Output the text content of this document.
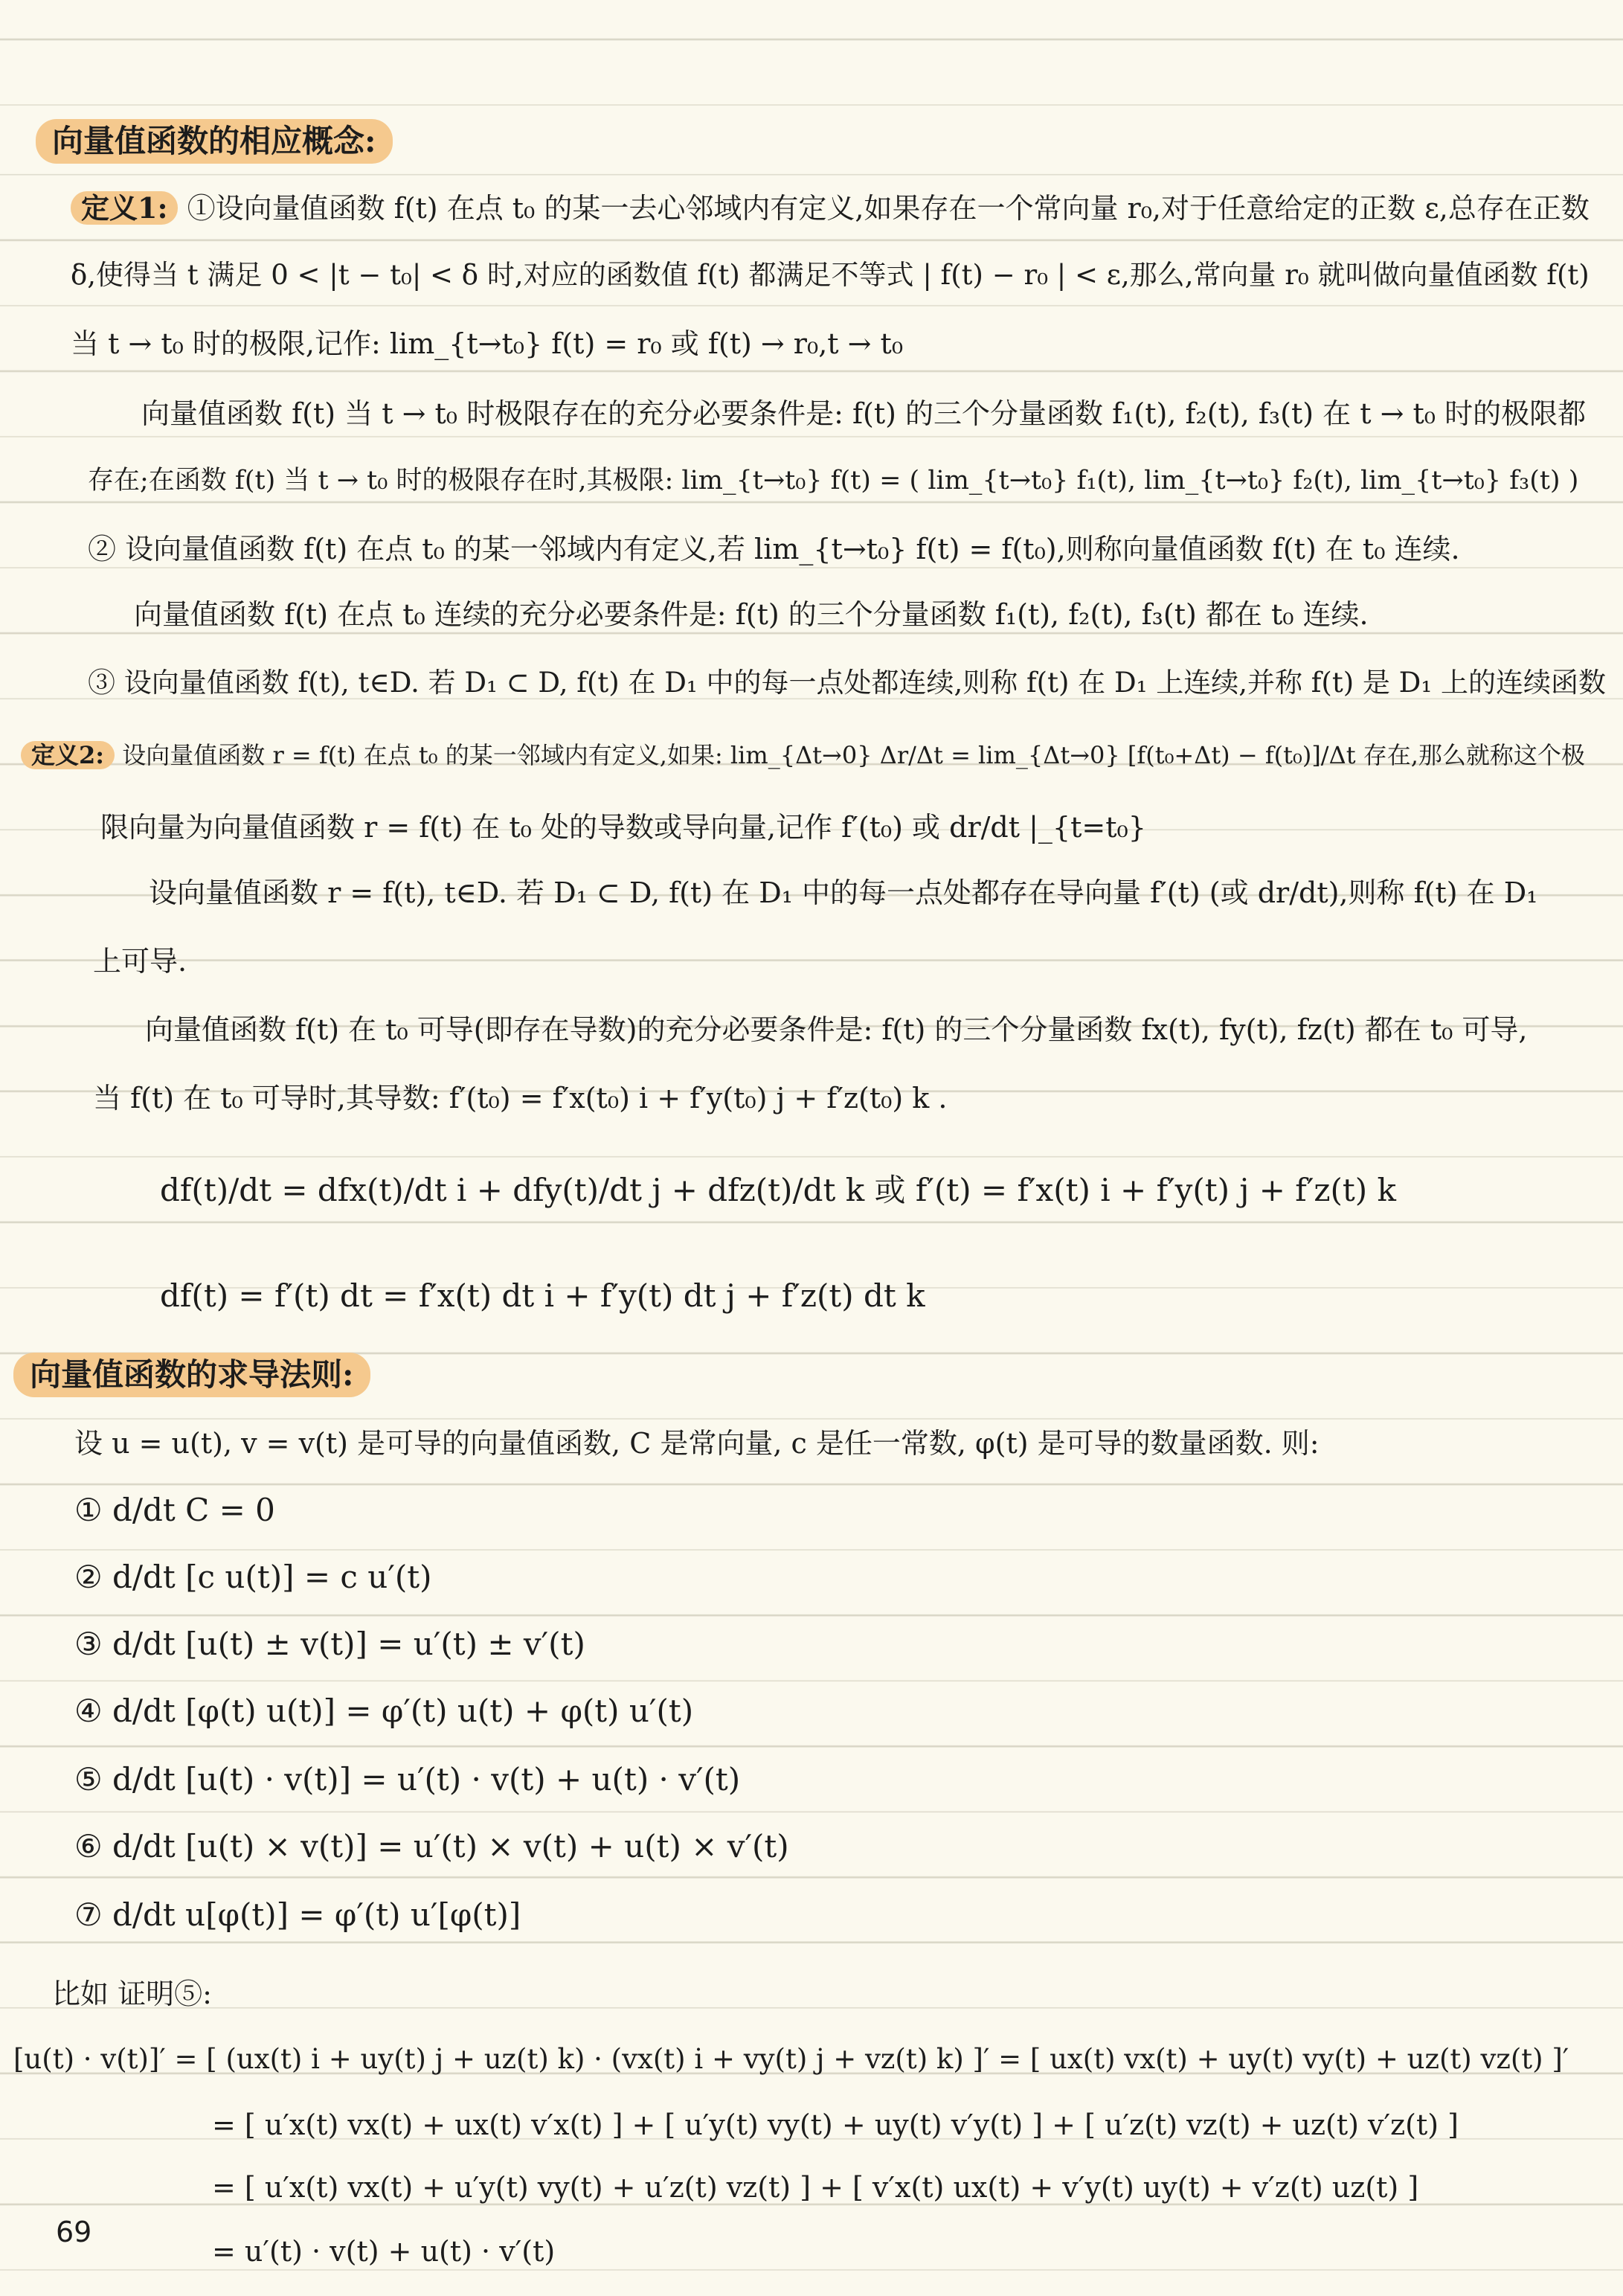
向量值函数的相应概念:
定义1: ①设向量值函数 f(t) 在点 t₀ 的某一去心邻域内有定义,如果存在一个常向量 r₀,对于任意给定的正数 ε,总存在正数
δ,使得当 t 满足 0 < |t − t₀| < δ 时,对应的函数值 f(t) 都满足不等式 | f(t) − r₀ | < ε,那么,常向量 r₀ 就叫做向量值函数 f(t)
当 t → t₀ 时的极限,记作: lim_{t→t₀} f(t) = r₀ 或 f(t) → r₀,t → t₀
向量值函数 f(t) 当 t → t₀ 时极限存在的充分必要条件是: f(t) 的三个分量函数 f₁(t), f₂(t), f₃(t) 在 t → t₀ 时的极限都
存在;在函数 f(t) 当 t → t₀ 时的极限存在时,其极限: lim_{t→t₀} f(t) = ( lim_{t→t₀} f₁(t), lim_{t→t₀} f₂(t), lim_{t→t₀} f₃(t) )
② 设向量值函数 f(t) 在点 t₀ 的某一邻域内有定义,若 lim_{t→t₀} f(t) = f(t₀),则称向量值函数 f(t) 在 t₀ 连续.
向量值函数 f(t) 在点 t₀ 连续的充分必要条件是: f(t) 的三个分量函数 f₁(t), f₂(t), f₃(t) 都在 t₀ 连续.
③ 设向量值函数 f(t), t∈D. 若 D₁ ⊂ D, f(t) 在 D₁ 中的每一点处都连续,则称 f(t) 在 D₁ 上连续,并称 f(t) 是 D₁ 上的连续函数
定义2: 设向量值函数 r = f(t) 在点 t₀ 的某一邻域内有定义,如果: lim_{Δt→0} Δr/Δt = lim_{Δt→0} [f(t₀+Δt) − f(t₀)]/Δt 存在,那么就称这个极
限向量为向量值函数 r = f(t) 在 t₀ 处的导数或导向量,记作 f′(t₀) 或 dr/dt |_{t=t₀}
设向量值函数 r = f(t), t∈D. 若 D₁ ⊂ D, f(t) 在 D₁ 中的每一点处都存在导向量 f′(t) (或 dr/dt),则称 f(t) 在 D₁
上可导.
向量值函数 f(t) 在 t₀ 可导(即存在导数)的充分必要条件是: f(t) 的三个分量函数 fx(t), fy(t), fz(t) 都在 t₀ 可导,
当 f(t) 在 t₀ 可导时,其导数: f′(t₀) = f′x(t₀) i + f′y(t₀) j + f′z(t₀) k .
df(t)/dt = dfx(t)/dt i + dfy(t)/dt j + dfz(t)/dt k 或 f′(t) = f′x(t) i + f′y(t) j + f′z(t) k
df(t) = f′(t) dt = f′x(t) dt i + f′y(t) dt j + f′z(t) dt k
向量值函数的求导法则:
设 u = u(t), v = v(t) 是可导的向量值函数, C 是常向量, c 是任一常数, φ(t) 是可导的数量函数. 则:
① d/dt C = 0
② d/dt [c u(t)] = c u′(t)
③ d/dt [u(t) ± v(t)] = u′(t) ± v′(t)
④ d/dt [φ(t) u(t)] = φ′(t) u(t) + φ(t) u′(t)
⑤ d/dt [u(t) · v(t)] = u′(t) · v(t) + u(t) · v′(t)
⑥ d/dt [u(t) × v(t)] = u′(t) × v(t) + u(t) × v′(t)
⑦ d/dt u[φ(t)] = φ′(t) u′[φ(t)]
比如 证明⑤:
[u(t) · v(t)]′ = [ (ux(t) i + uy(t) j + uz(t) k) · (vx(t) i + vy(t) j + vz(t) k) ]′ = [ ux(t) vx(t) + uy(t) vy(t) + uz(t) vz(t) ]′
= [ u′x(t) vx(t) + ux(t) v′x(t) ] + [ u′y(t) vy(t) + uy(t) v′y(t) ] + [ u′z(t) vz(t) + uz(t) v′z(t) ]
= [ u′x(t) vx(t) + u′y(t) vy(t) + u′z(t) vz(t) ] + [ v′x(t) ux(t) + v′y(t) uy(t) + v′z(t) uz(t) ]
= u′(t) · v(t) + u(t) · v′(t)
69
